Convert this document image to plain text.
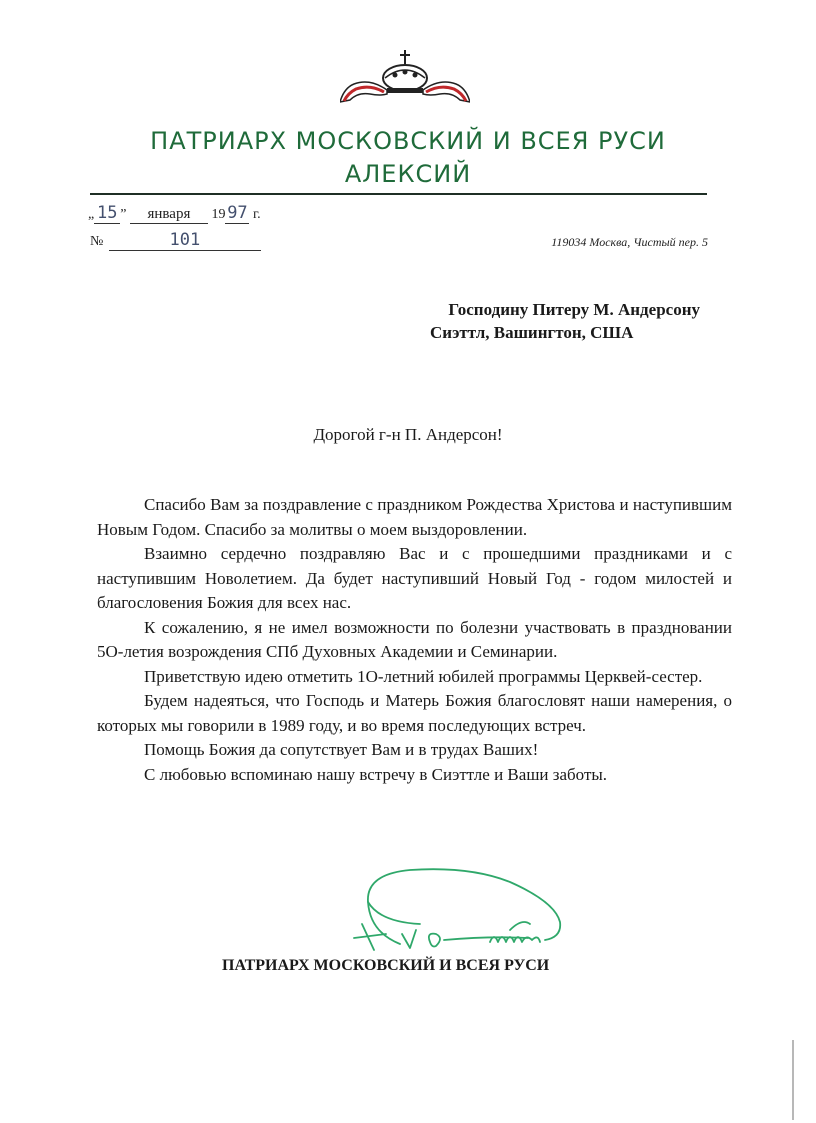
ПАТРИАРХ МОСКОВСКИЙ И ВСЕЯ РУСИ
АЛЕКСИЙ
„ 15 ” января 19 97 г.
№	101	119034 Москва, Чистый пер. 5
Господину Питеру М. Андерсону
Сиэттл, Вашингтон, США
Дорогой г-н П. Андерсон!

Спасибо Вам за поздравление с праздником Рождества Христова и наступившим Новым Годом. Спасибо за молитвы о моем выздоровлении.

Взаимно сердечно поздравляю Вас и с прошедшими праздниками и с наступившим Новолетием. Да будет наступивший Новый Год - годом милостей и благословения Божия для всех нас.

К сожалению, я не имел возможности по болезни участвовать в праздновании 5О-летия возрождения СПб Духовных Академии и Семинарии.

Приветствую идею отметить 1О-летний юбилей программы Церквей-сестер.

Будем надеяться, что Господь и Матерь Божия благословят наши намерения, о которых мы говорили в 1989 году, и во время последующих встреч.

Помощь Божия да сопутствует Вам и в трудах Ваших!

С любовью вспоминаю нашу встречу в Сиэттле и Ваши заботы.

ПАТРИАРХ МОСКОВСКИЙ И ВСЕЯ РУСИ
